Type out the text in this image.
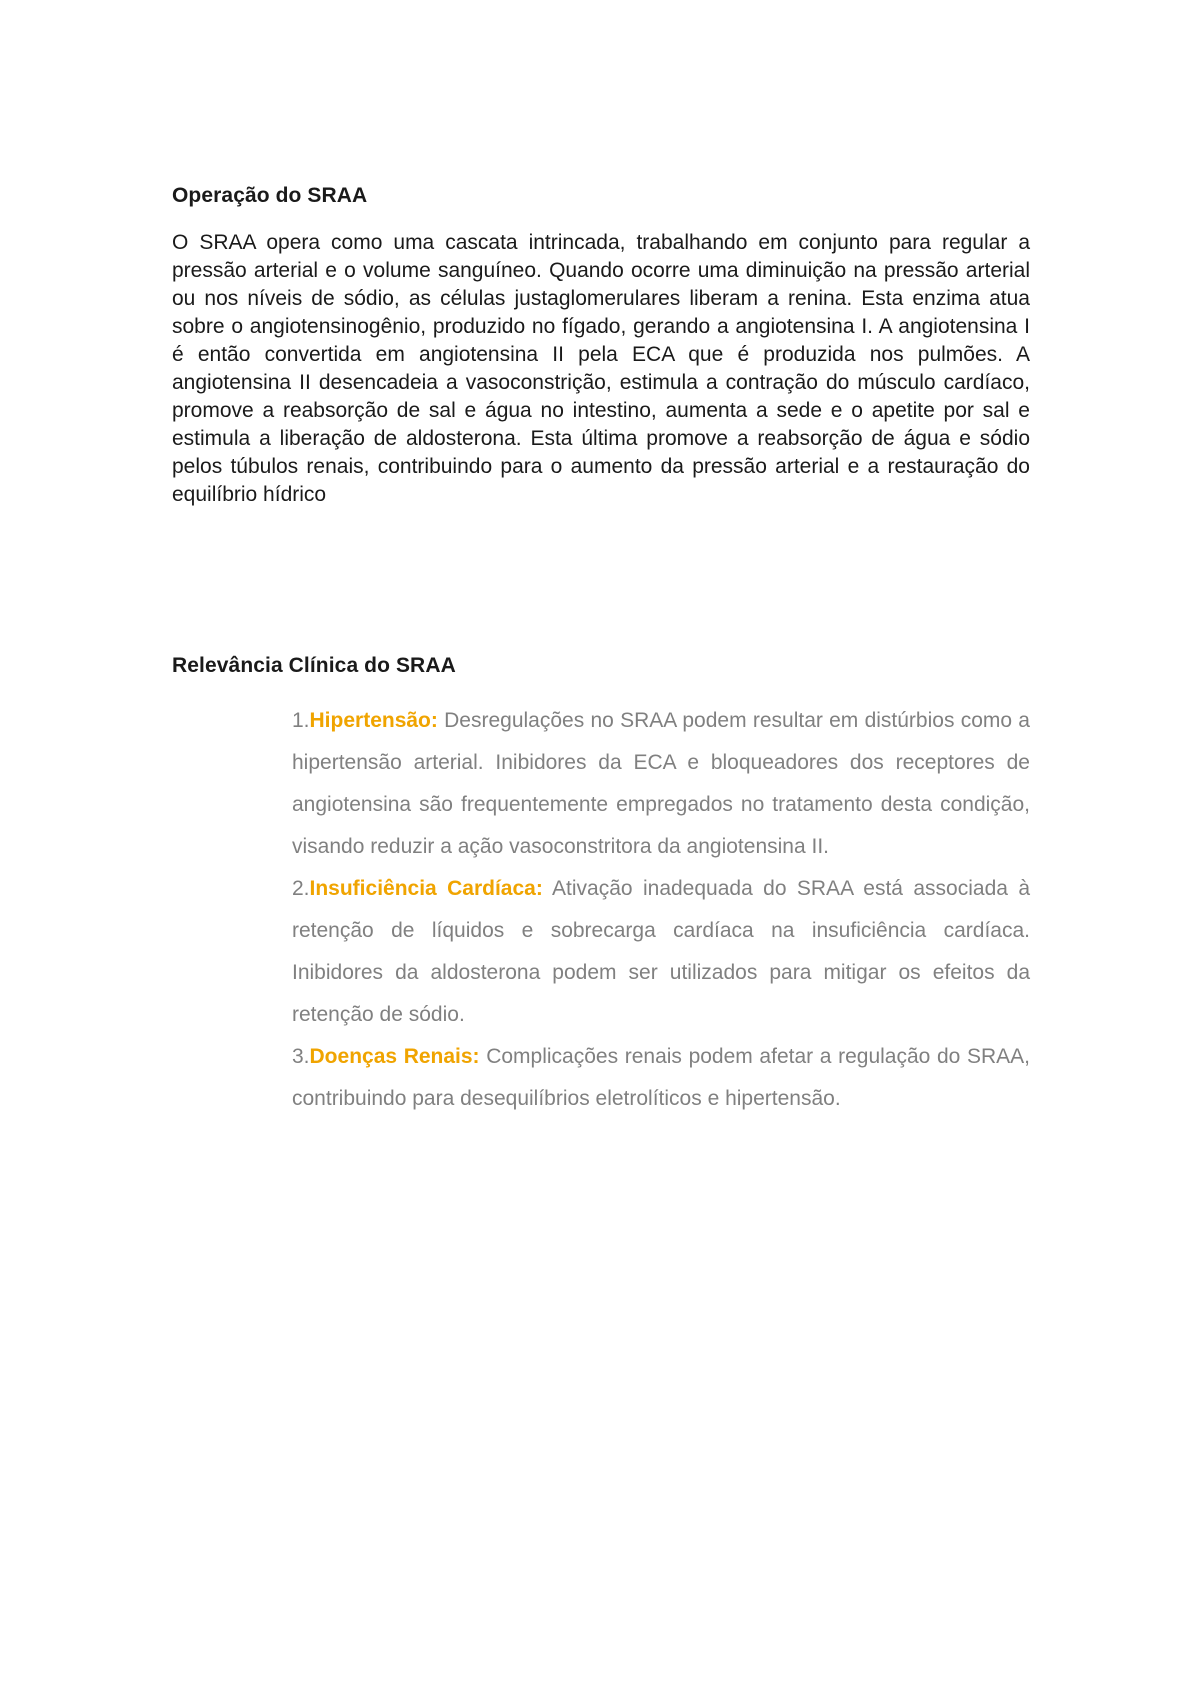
Operação do SRAA

O SRAA opera como uma cascata intrincada, trabalhando em conjunto para regular a pressão arterial e o volume sanguíneo. Quando ocorre uma diminuição na pressão arterial ou nos níveis de sódio, as células justaglomerulares liberam a renina. Esta enzima atua sobre o angiotensinogênio, produzido no fígado, gerando a angiotensina I. A angiotensina I é então convertida em angiotensina II pela ECA que é produzida nos pulmões. A angiotensina II desencadeia a vasoconstrição, estimula a contração do músculo cardíaco, promove a reabsorção de sal e água no intestino, aumenta a sede e o apetite por sal e estimula a liberação de aldosterona. Esta última promove a reabsorção de água e sódio pelos túbulos renais, contribuindo para o aumento da pressão arterial e a restauração do equilíbrio hídrico

Relevância Clínica do SRAA
1.Hipertensão: Desregulações no SRAA podem resultar em distúrbios como a hipertensão arterial. Inibidores da ECA e bloqueadores dos receptores de angiotensina são frequentemente empregados no tratamento desta condição, visando reduzir a ação vasoconstritora da angiotensina II.
2.Insuficiência Cardíaca: Ativação inadequada do SRAA está associada à retenção de líquidos e sobrecarga cardíaca na insuficiência cardíaca. Inibidores da aldosterona podem ser utilizados para mitigar os efeitos da retenção de sódio.
3.Doenças Renais: Complicações renais podem afetar a regulação do SRAA, contribuindo para desequilíbrios eletrolíticos e hipertensão.
